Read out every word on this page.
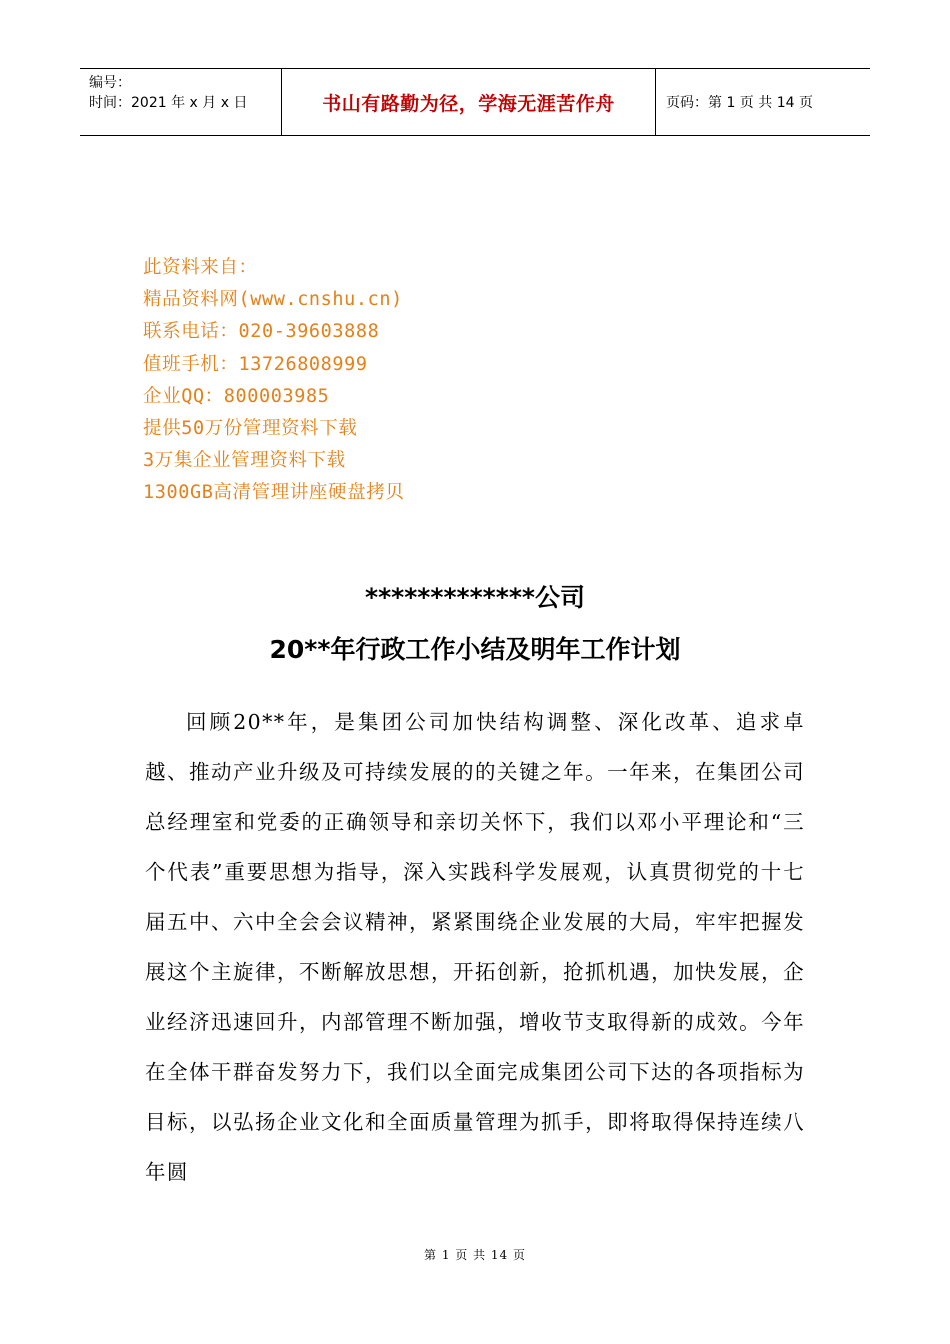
编号：
时间：2021 年 x 月 x 日	书山有路勤为径，学海无涯苦作舟	页码：第 1 页 共 14 页
此资料来自：
精品资料网(www.cnshu.cn)
联系电话：020-39603888
值班手机：13726808999
企业QQ：800003985
提供50万份管理资料下载
3万集企业管理资料下载
1300GB高清管理讲座硬盘拷贝
*************公司
20**年行政工作小结及明年工作计划
回顾20**年，是集团公司加快结构调整、深化改革、追求卓越、推动产业升级及可持续发展的的关键之年。一年来，在集团公司总经理室和党委的正确领导和亲切关怀下，我们以邓小平理论和“三个代表”重要思想为指导，深入实践科学发展观，认真贯彻党的十七届五中、六中全会会议精神，紧紧围绕企业发展的大局，牢牢把握发展这个主旋律，不断解放思想，开拓创新，抢抓机遇，加快发展，企业经济迅速回升，内部管理不断加强，增收节支取得新的成效。今年在全体干群奋发努力下，我们以全面完成集团公司下达的各项指标为目标，以弘扬企业文化和全面质量管理为抓手，即将取得保持连续八年圆
第 1 页 共 14 页
